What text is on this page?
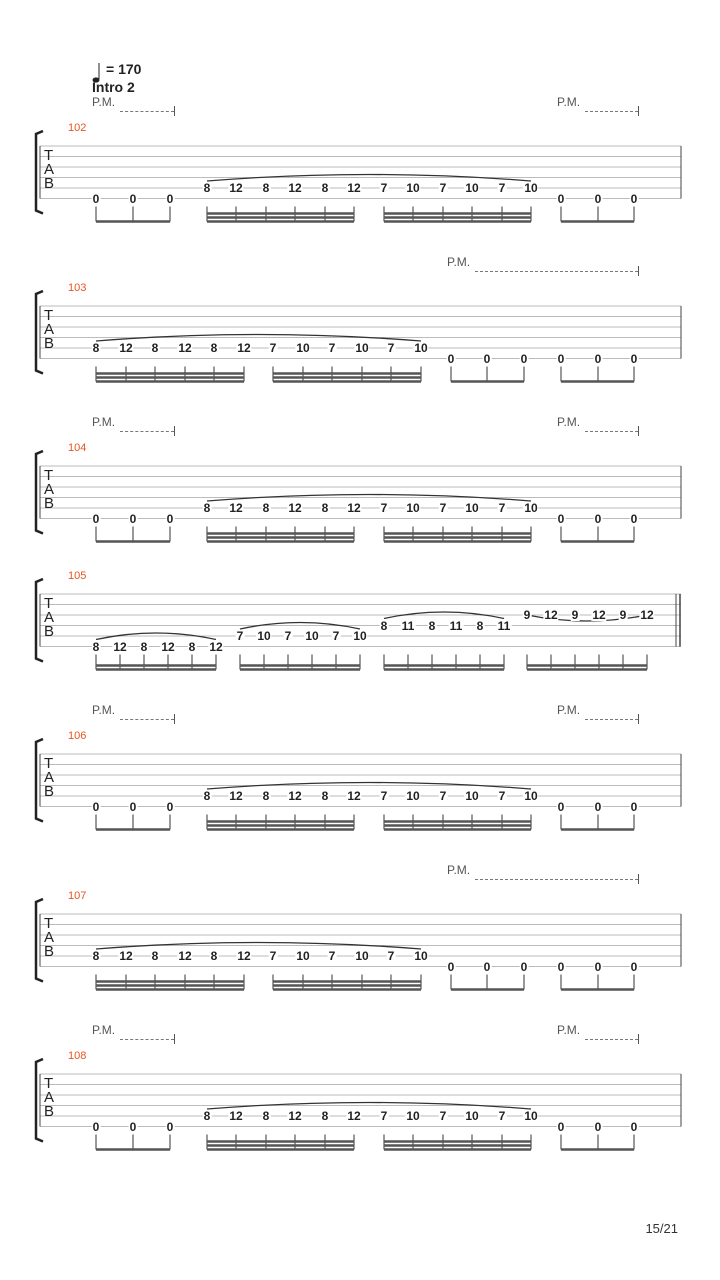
= 170
Intro 2
102
P.M.	P.M.
T
A
B
0	0	0
8 12 8 12 8 12 7 10 7 10 7 10
0	0 0
103
P.M.
T
A
B	8 12 8 12 8 12 7 10 7 10 7 10
0 0	0	0	0 0
104
P.M.	P.M.
T
A
B
0	0	0
8 12 8 12 8 12 7 10 7 10 7 10
0	0 0
105
T
A
B
8 12 8 12 8 12
7 10 7 10 7 10
8 11 8 11 8 11
9 12 9 12 9 12
106
P.M.	P.M.
T
A
B
0	0	0
8 12 8 12 8 12 7 10 7 10 7 10
0	0 0
107
P.M.
T
A
B	8 12 8 12 8 12 7 10 7 10 7 10
0 0	0	0	0 0
108
P.M.	P.M.
T
A
B
0	0	0
8 12 8 12 8 12 7 10 7 10 7 10
0	0 0
15/21
